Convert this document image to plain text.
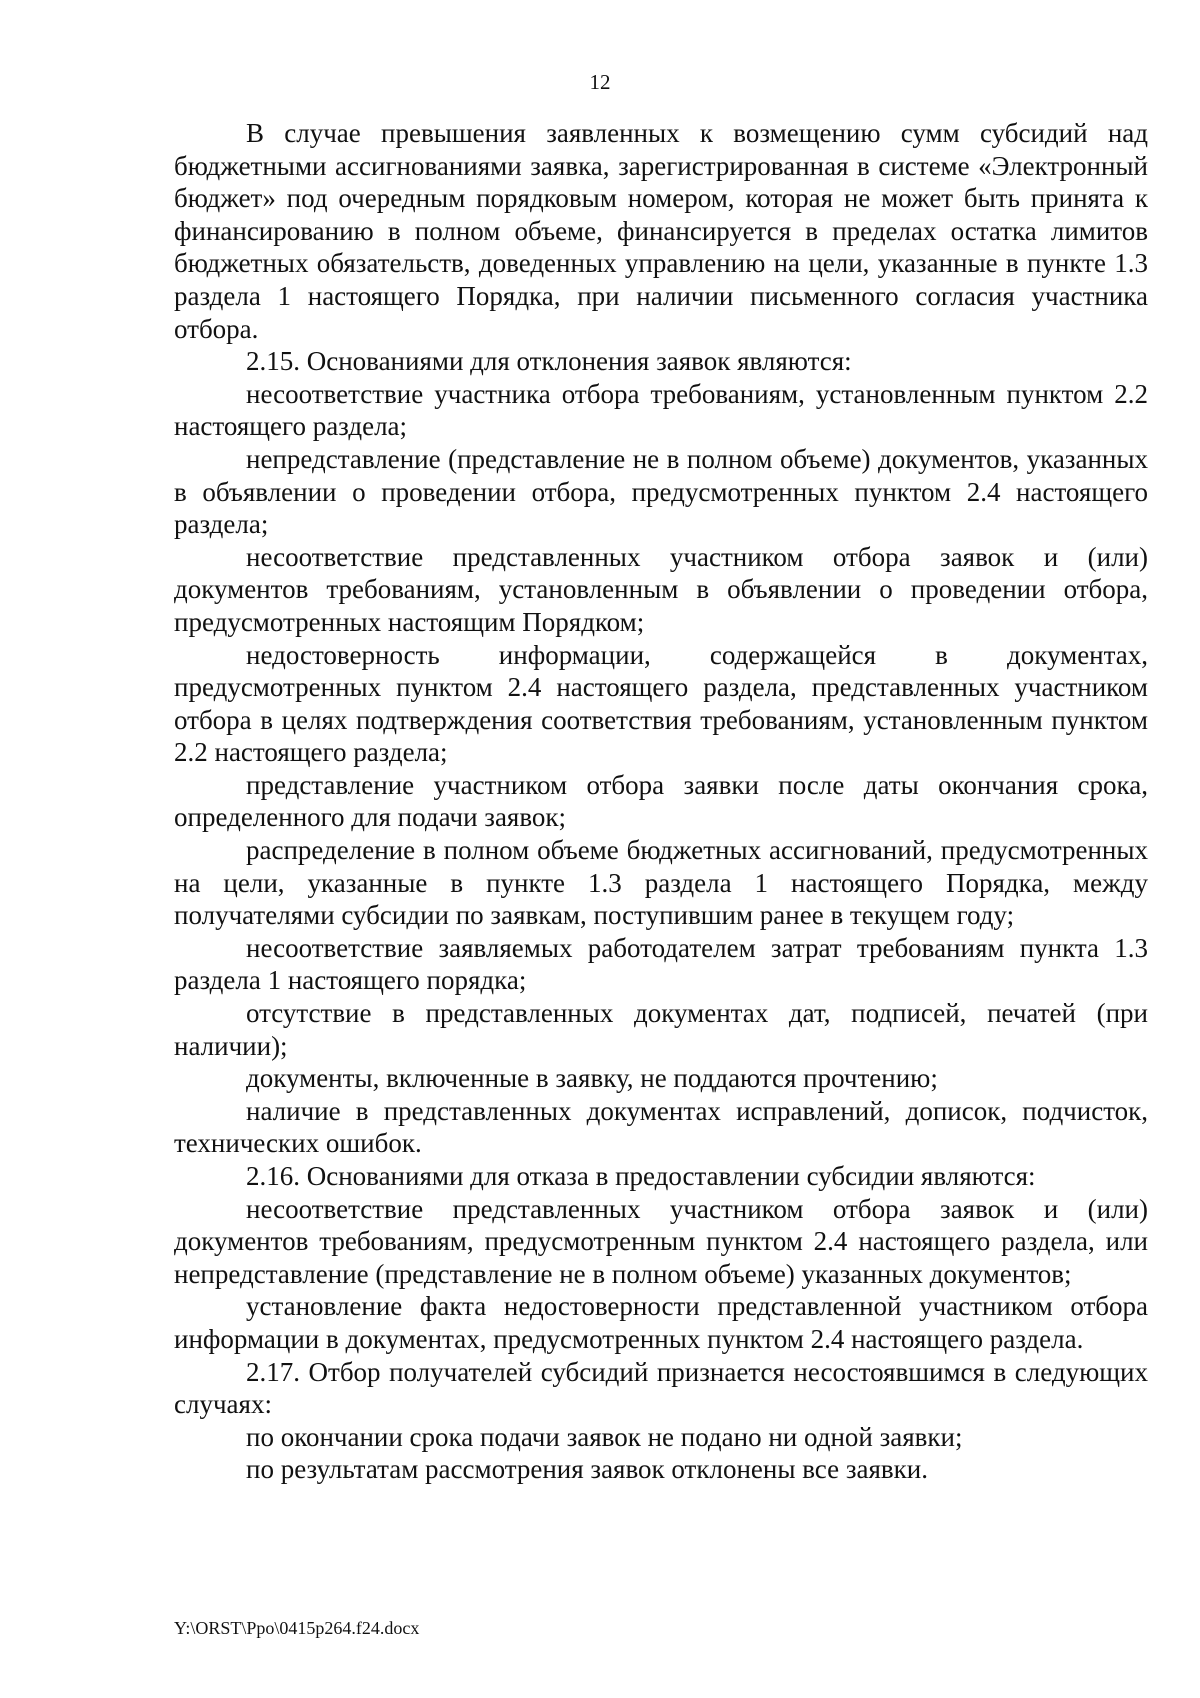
12

В случае превышения заявленных к возмещению сумм субсидий над бюджетными ассигнованиями заявка, зарегистрированная в системе «Электронный бюджет» под очередным порядковым номером, которая не может быть принята к финансированию в полном объеме, финансируется в пределах остатка лимитов бюджетных обязательств, доведенных управлению на цели, указанные в пункте 1.3 раздела 1 настоящего Порядка, при наличии письменного согласия участника отбора.

2.15. Основаниями для отклонения заявок являются:

несоответствие участника отбора требованиям, установленным пунктом 2.2 настоящего раздела;

непредставление (представление не в полном объеме) документов, указанных в объявлении о проведении отбора, предусмотренных пунктом 2.4 настоящего раздела;

несоответствие представленных участником отбора заявок и (или) документов требованиям, установленным в объявлении о проведении отбора, предусмотренных настоящим Порядком;

недостоверность информации, содержащейся в документах, предусмотренных пунктом 2.4 настоящего раздела, представленных участником отбора в целях подтверждения соответствия требованиям, установленным пунктом 2.2 настоящего раздела;

представление участником отбора заявки после даты окончания срока, определенного для подачи заявок;

распределение в полном объеме бюджетных ассигнований, предусмотренных на цели, указанные в пункте 1.3 раздела 1 настоящего Порядка, между получателями субсидии по заявкам, поступившим ранее в текущем году;

несоответствие заявляемых работодателем затрат требованиям пункта 1.3 раздела 1 настоящего порядка;

отсутствие в представленных документах дат, подписей, печатей (при наличии);

документы, включенные в заявку, не поддаются прочтению;

наличие в представленных документах исправлений, дописок, подчисток, технических ошибок.

2.16. Основаниями для отказа в предоставлении субсидии являются:

несоответствие представленных участником отбора заявок и (или) документов требованиям, предусмотренным пунктом 2.4 настоящего раздела, или непредставление (представление не в полном объеме) указанных документов;

установление факта недостоверности представленной участником отбора информации в документах, предусмотренных пунктом 2.4 настоящего раздела.

2.17. Отбор получателей субсидий признается несостоявшимся в следующих случаях:

по окончании срока подачи заявок не подано ни одной заявки;

по результатам рассмотрения заявок отклонены все заявки.

Y:\ORST\Ppo\0415p264.f24.docx
